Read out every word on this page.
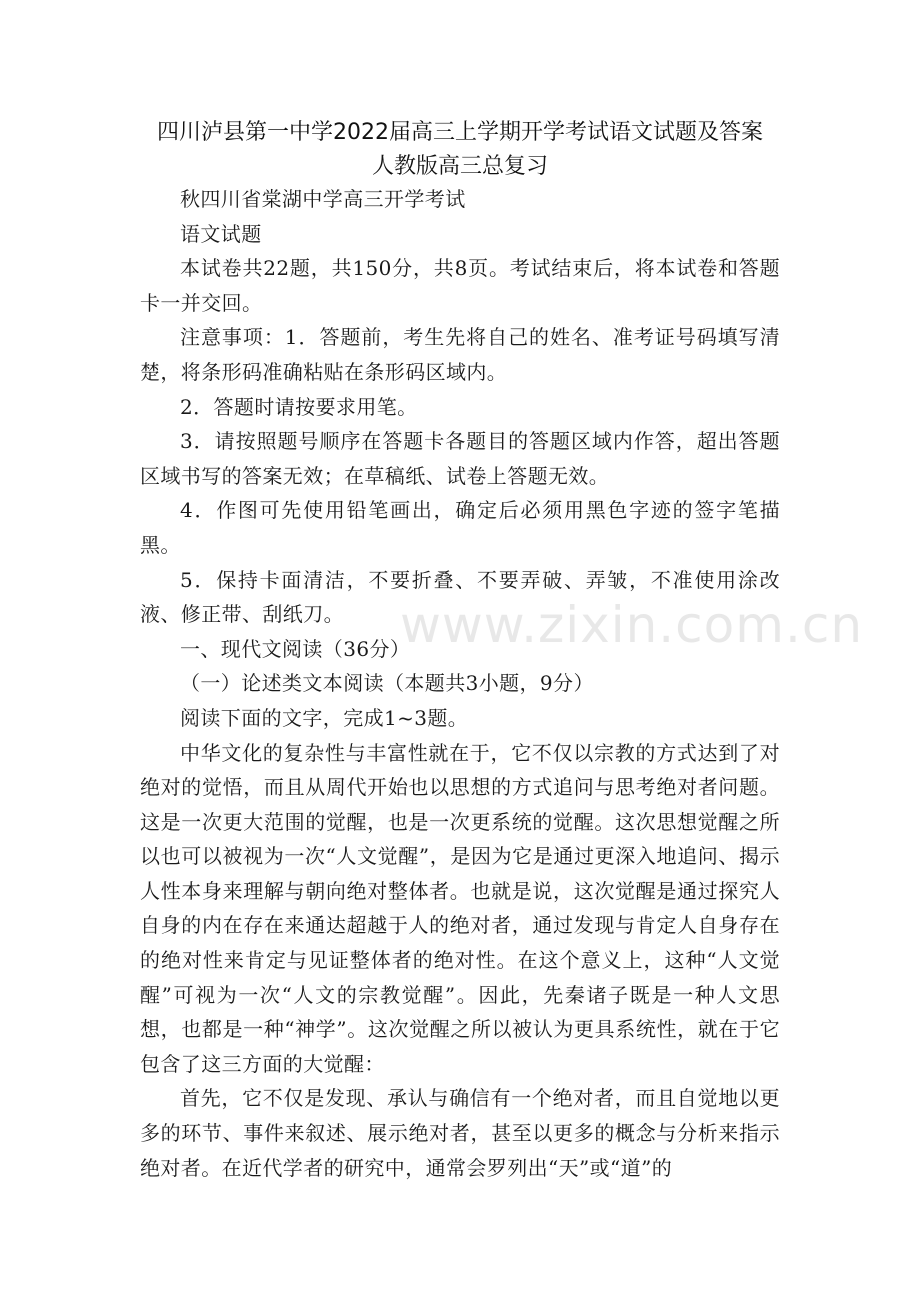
四川泸县第一中学2022届高三上学期开学考试语文试题及答案
人教版高三总复习

秋四川省棠湖中学高三开学考试

语文试题

本试卷共22题，共150分，共8页。考试结束后，将本试卷和答题卡一并交回。

注意事项：1．答题前，考生先将自己的姓名、准考证号码填写清楚，将条形码准确粘贴在条形码区域内。

2．答题时请按要求用笔。

3．请按照题号顺序在答题卡各题目的答题区域内作答，超出答题区域书写的答案无效；在草稿纸、试卷上答题无效。

4．作图可先使用铅笔画出，确定后必须用黑色字迹的签字笔描黑。

5．保持卡面清洁，不要折叠、不要弄破、弄皱，不准使用涂改液、修正带、刮纸刀。

一、现代文阅读（36分）

（一）论述类文本阅读（本题共3小题，9分）

阅读下面的文字，完成1~3题。

中华文化的复杂性与丰富性就在于，它不仅以宗教的方式达到了对绝对的觉悟，而且从周代开始也以思想的方式追问与思考绝对者问题。这是一次更大范围的觉醒，也是一次更系统的觉醒。这次思想觉醒之所以也可以被视为一次“人文觉醒”，是因为它是通过更深入地追问、揭示人性本身来理解与朝向绝对整体者。也就是说，这次觉醒是通过探究人自身的内在存在来通达超越于人的绝对者，通过发现与肯定人自身存在的绝对性来肯定与见证整体者的绝对性。在这个意义上，这种“人文觉醒”可视为一次“人文的宗教觉醒”。因此，先秦诸子既是一种人文思想，也都是一种“神学”。这次觉醒之所以被认为更具系统性，就在于它包含了这三方面的大觉醒：

首先，它不仅是发现、承认与确信有一个绝对者，而且自觉地以更多的环节、事件来叙述、展示绝对者，甚至以更多的概念与分析来指示绝对者。在近代学者的研究中，通常会罗列出“天”或“道”的

www.zixin.com.cn
